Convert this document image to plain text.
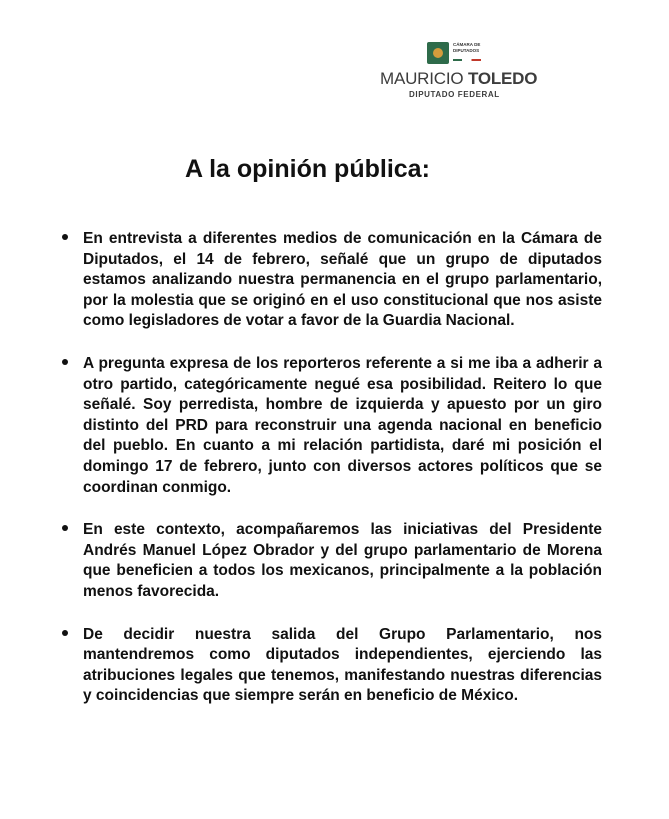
CÁMARA DE DIPUTADOS
MAURICIO TOLEDO
DIPUTADO FEDERAL
A la opinión pública:

En entrevista a diferentes medios de comunicación en la Cámara de Diputados, el 14 de febrero, señalé que un grupo de diputados estamos analizando nuestra permanencia en el grupo parlamentario, por la molestia que se originó en el uso constitucional que nos asiste como legisladores de votar a favor de la Guardia Nacional.

A pregunta expresa de los reporteros referente a si me iba a adherir a otro partido, categóricamente negué esa posibilidad. Reitero lo que señalé. Soy perredista, hombre de izquierda y apuesto por un giro distinto del PRD para reconstruir una agenda nacional en beneficio del pueblo. En cuanto a mi relación partidista, daré mi posición el domingo 17 de febrero, junto con diversos actores políticos que se coordinan conmigo.

En este contexto, acompañaremos las iniciativas del Presidente Andrés Manuel López Obrador y del grupo parlamentario de Morena que beneficien a todos los mexicanos, principalmente a la población menos favorecida.

De decidir nuestra salida del Grupo Parlamentario, nos mantendremos como diputados independientes, ejerciendo las atribuciones legales que tenemos, manifestando nuestras diferencias y coincidencias que siempre serán en beneficio de México.
